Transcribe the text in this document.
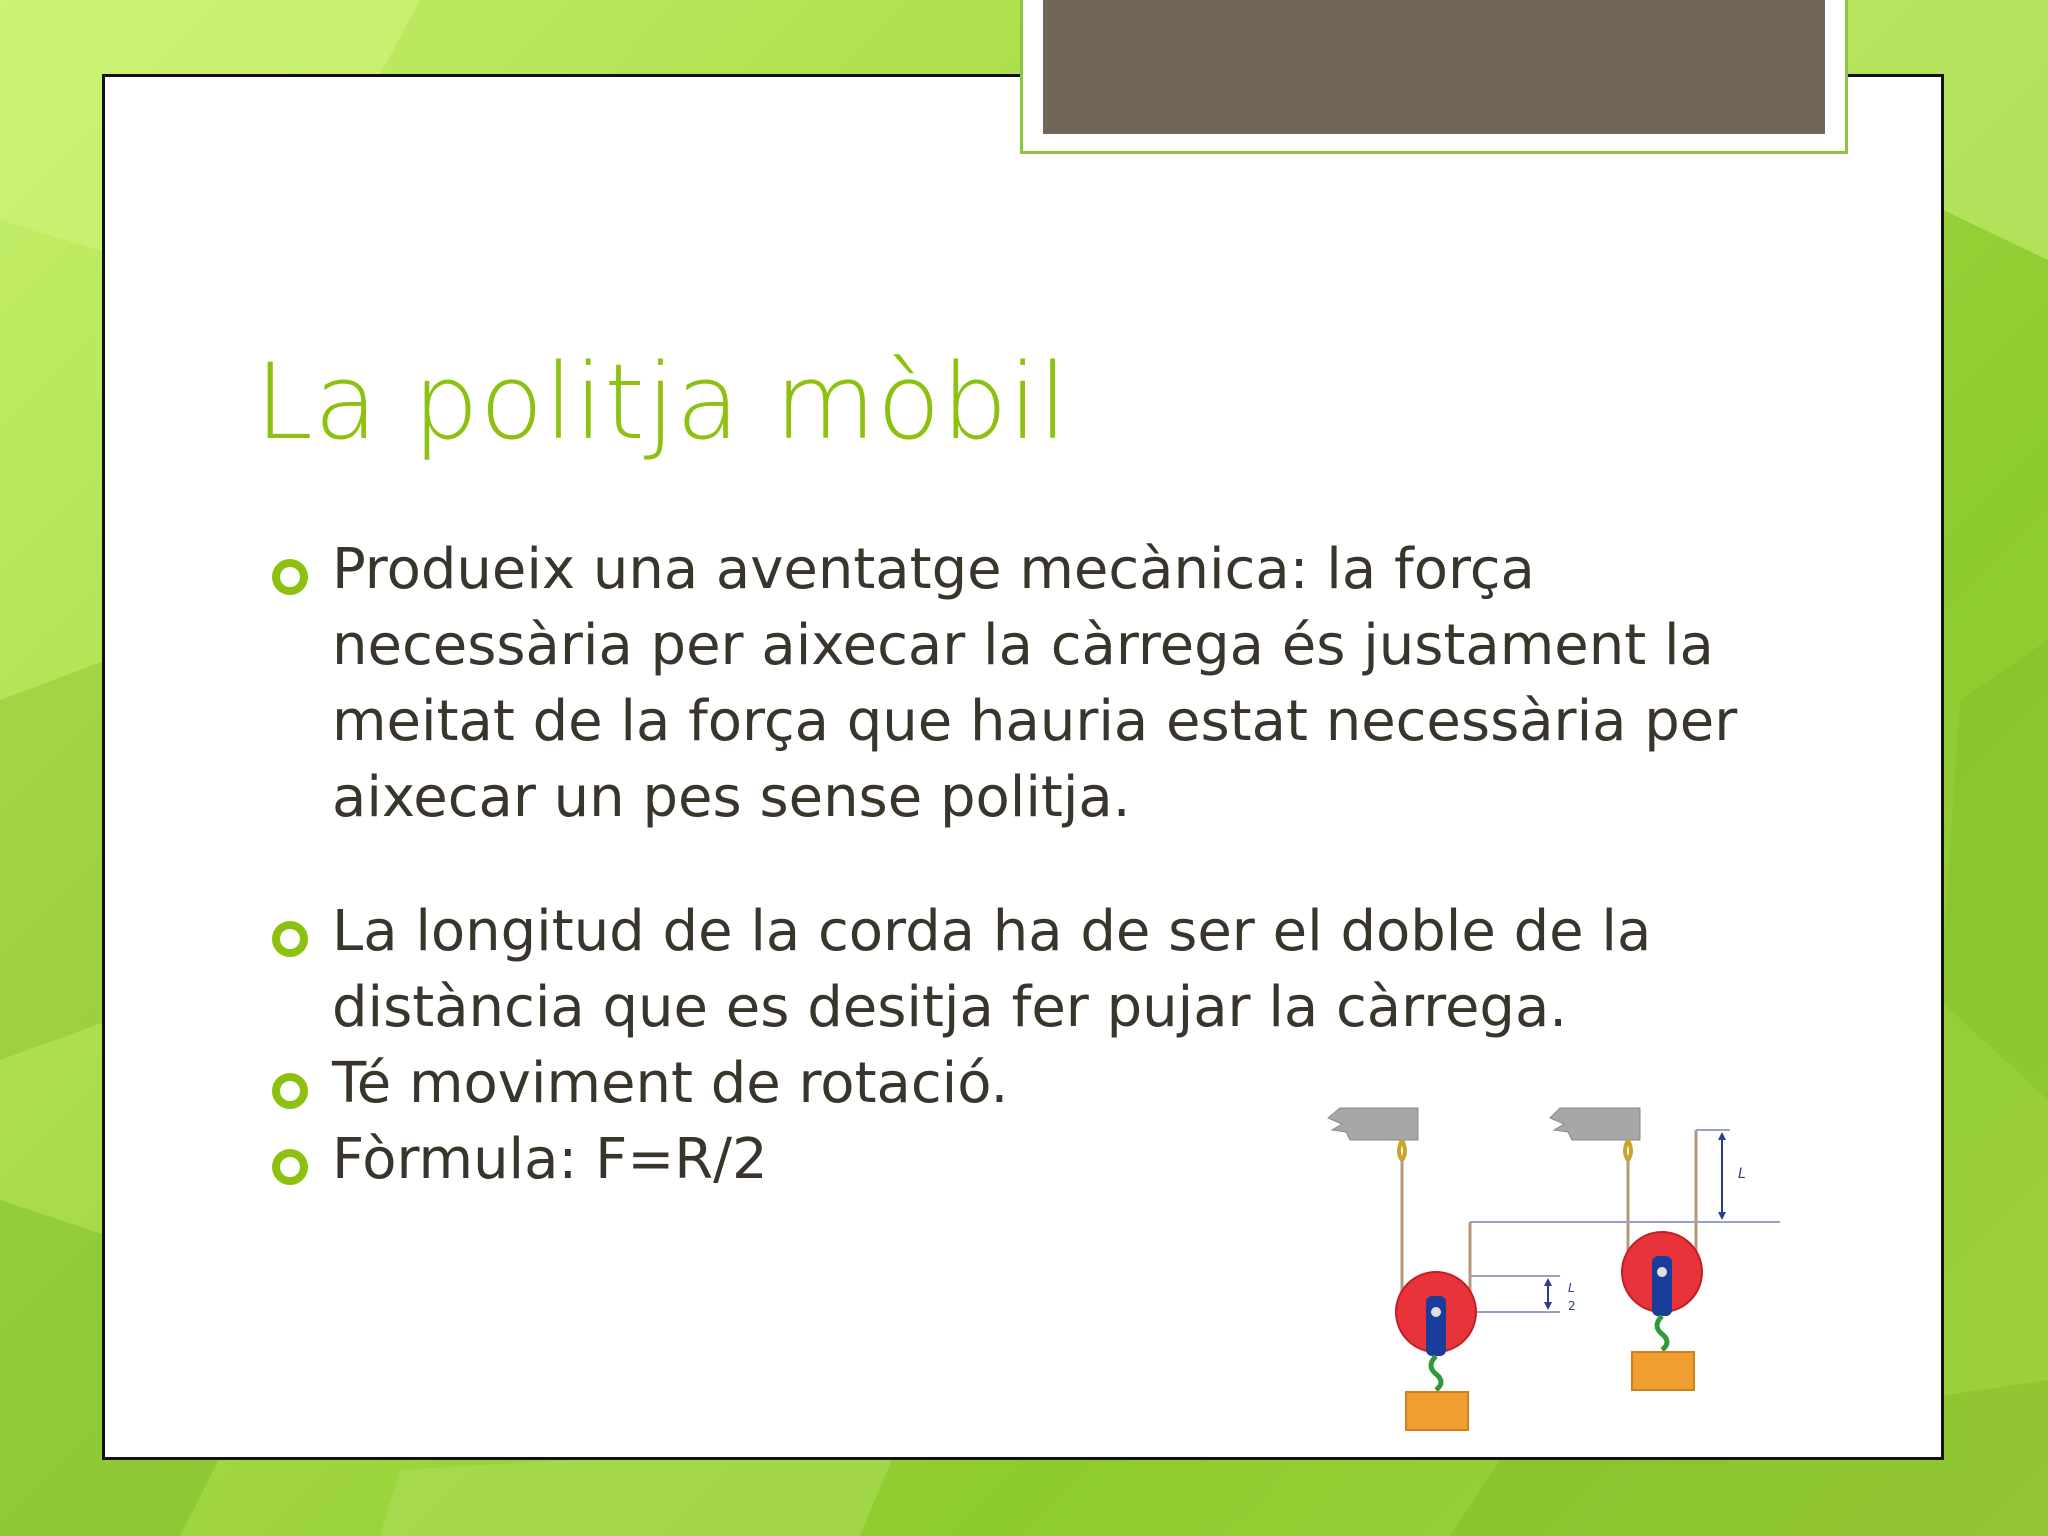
La politja mòbil
Produeix una aventatge mecànica: la força necessària per aixecar la càrrega és justament la meitat de la força que hauria estat necessària per aixecar un pes sense politja.
La longitud de la corda ha de ser el doble de la distància que es desitja fer pujar la càrrega.
Té moviment de rotació.
Fòrmula: F=R/2	L
L
2
